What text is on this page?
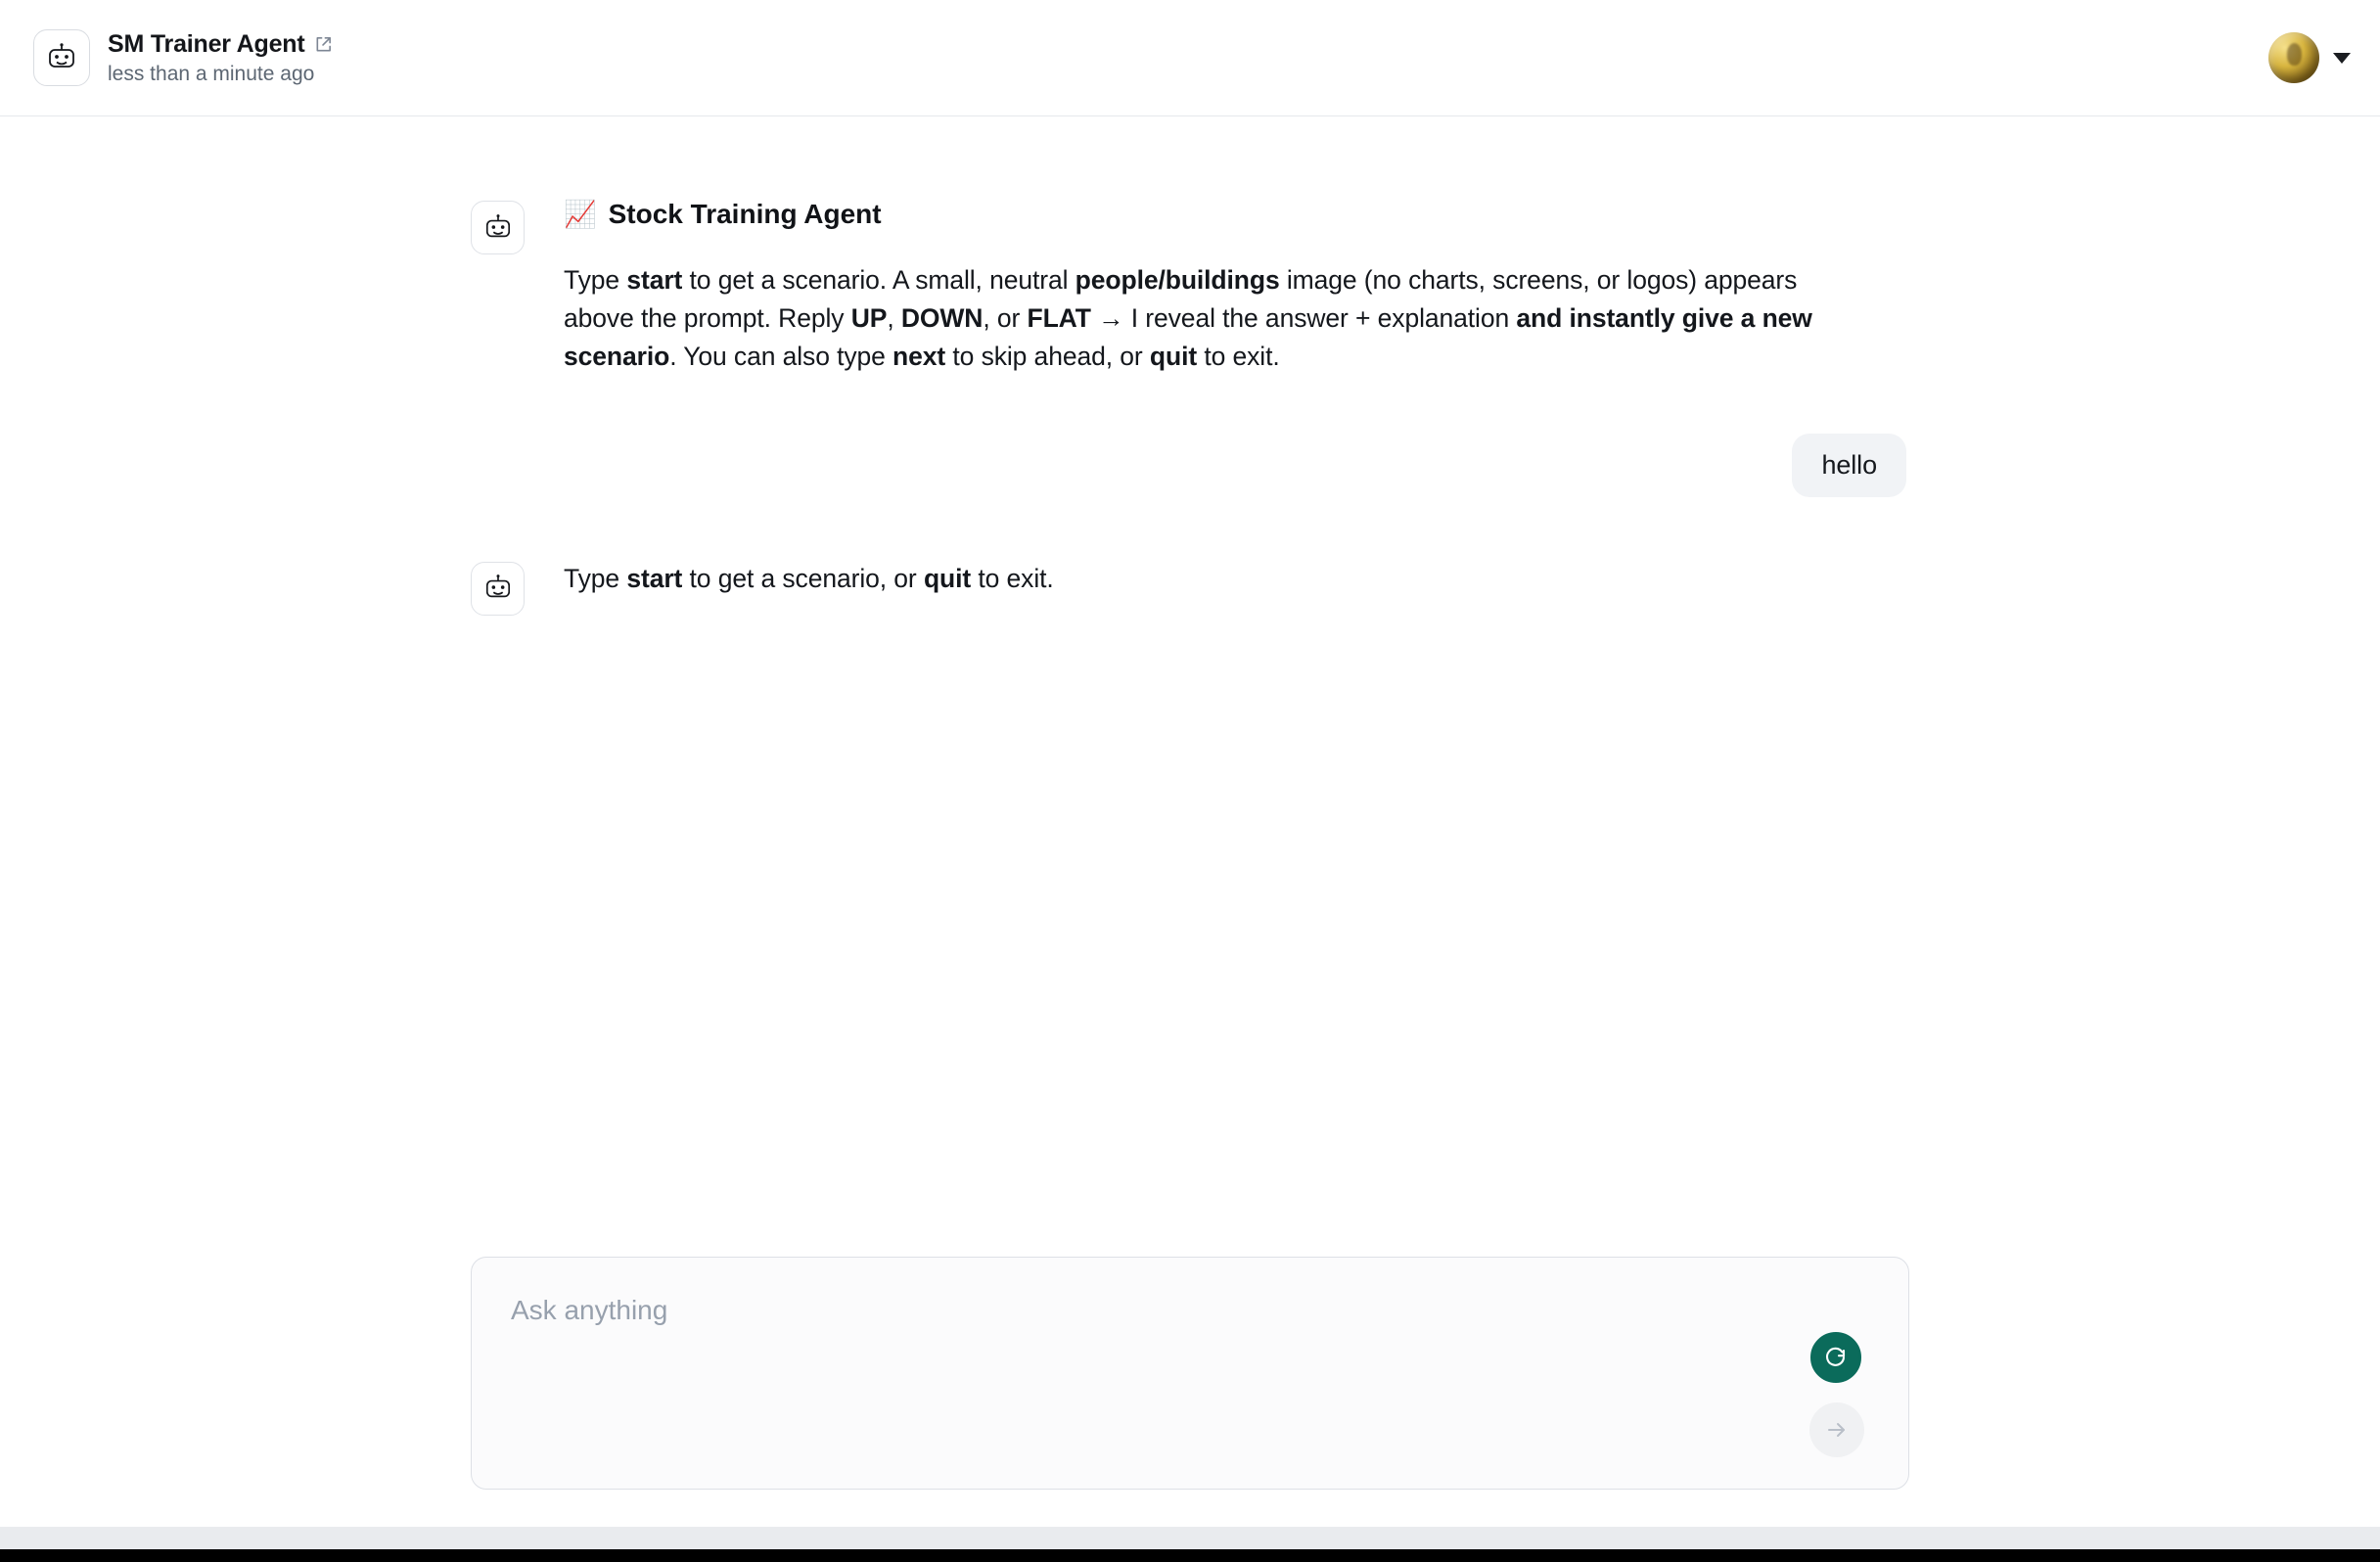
SM Trainer Agent
less than a minute ago
📈 Stock Training Agent
Type start to get a scenario. A small, neutral people/buildings image (no charts, screens, or logos) appears above the prompt. Reply UP, DOWN, or FLAT → I reveal the answer + explanation and instantly give a new scenario. You can also type next to skip ahead, or quit to exit.
hello
Type start to get a scenario, or quit to exit.
Ask anything
